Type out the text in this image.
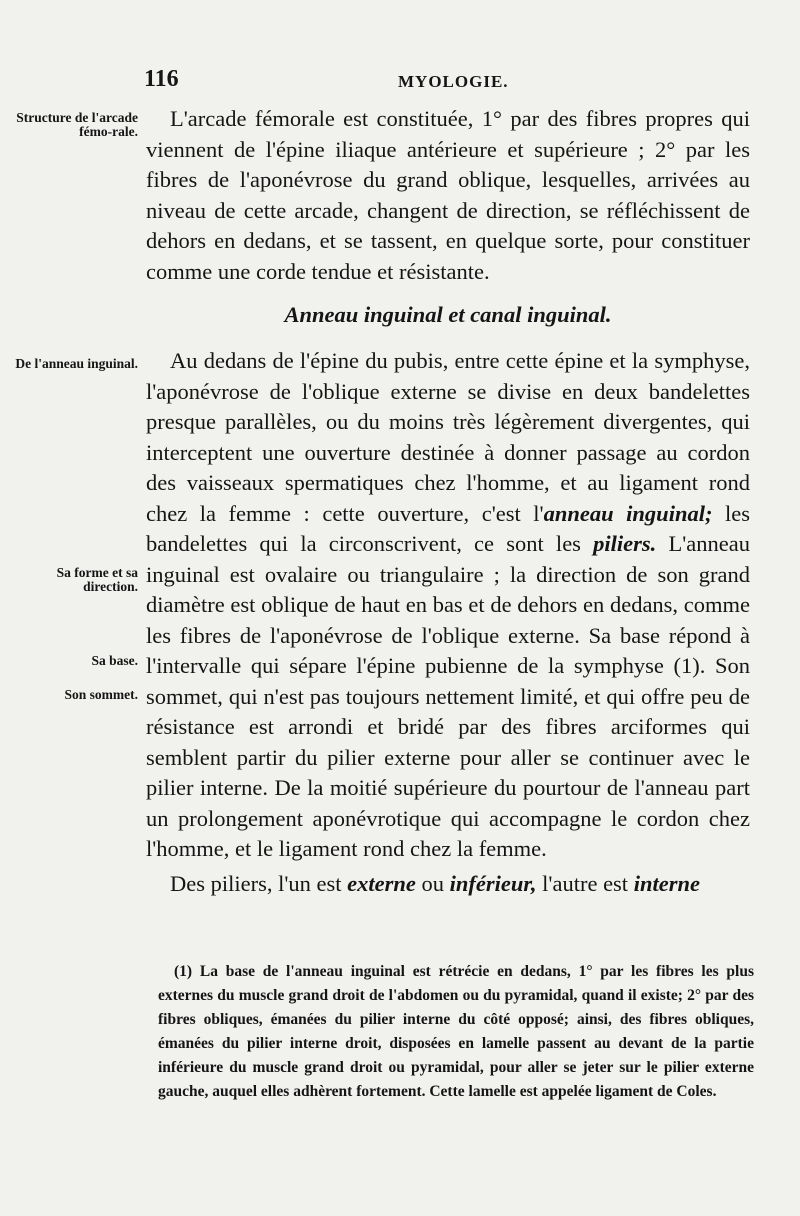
116	MYOLOGIE.
Structure de l'arcade fémo-rale.
De l'anneau inguinal.
Sa forme et sa direction.
Sa base.
Son sommet.

L'arcade fémorale est constituée, 1° par des fibres propres qui viennent de l'épine iliaque antérieure et supérieure ; 2° par les fibres de l'aponévrose du grand oblique, lesquelles, arrivées au niveau de cette arcade, changent de direction, se réfléchissent de dehors en dedans, et se tassent, en quelque sorte, pour constituer comme une corde tendue et résistante.

Anneau inguinal et canal inguinal.

Au dedans de l'épine du pubis, entre cette épine et la symphyse, l'aponévrose de l'oblique externe se divise en deux bandelettes presque parallèles, ou du moins très légèrement divergentes, qui interceptent une ouverture destinée à donner passage au cordon des vaisseaux spermatiques chez l'homme, et au ligament rond chez la femme : cette ouverture, c'est l'anneau inguinal; les bandelettes qui la circonscrivent, ce sont les piliers. L'anneau inguinal est ovalaire ou triangulaire ; la direction de son grand diamètre est oblique de haut en bas et de dehors en dedans, comme les fibres de l'aponévrose de l'oblique externe. Sa base répond à l'intervalle qui sépare l'épine pubienne de la symphyse (1). Son sommet, qui n'est pas toujours nettement limité, et qui offre peu de résistance est arrondi et bridé par des fibres arciformes qui semblent partir du pilier externe pour aller se continuer avec le pilier interne. De la moitié supérieure du pourtour de l'anneau part un prolongement aponévrotique qui accompagne le cordon chez l'homme, et le ligament rond chez la femme.

Des piliers, l'un est externe ou inférieur, l'autre est interne

(1) La base de l'anneau inguinal est rétrécie en dedans, 1° par les fibres les plus externes du muscle grand droit de l'abdomen ou du pyramidal, quand il existe; 2° par des fibres obliques, émanées du pilier interne du côté opposé; ainsi, des fibres obliques, émanées du pilier interne droit, disposées en lamelle passent au devant de la partie inférieure du muscle grand droit ou pyramidal, pour aller se jeter sur le pilier externe gauche, auquel elles adhèrent fortement. Cette lamelle est appelée ligament de Coles.
